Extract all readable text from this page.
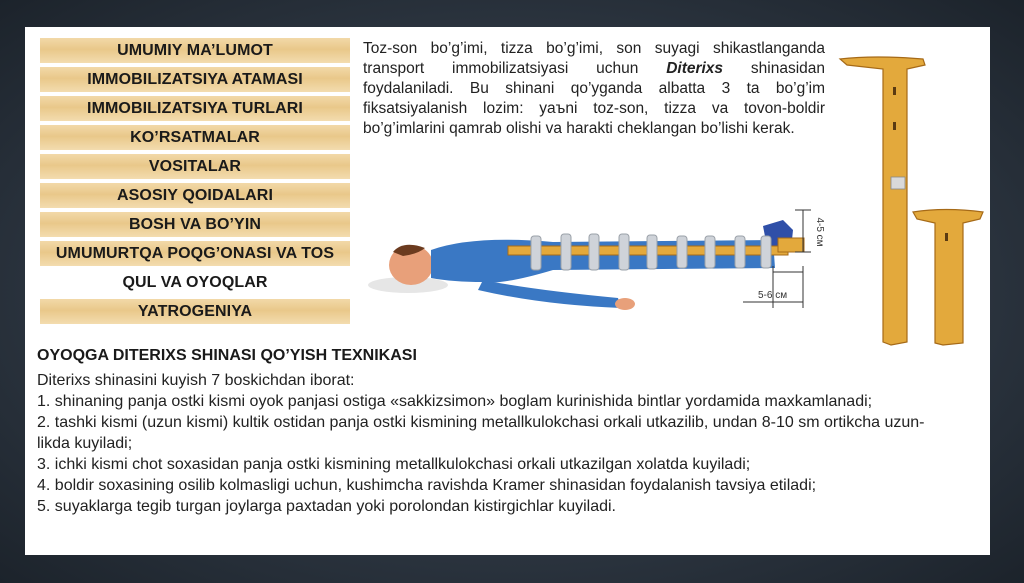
UMUMIY MA’LUMOT
IMMOBILIZATSIYA ATAMASI
IMMOBILIZATSIYA TURLARI
KO’RSATMALAR
VOSITALAR
ASOSIY QOIDALARI
BOSH VA BO’YIN
UMUMURTQA POQG’ONASI VA TOS
QUL VA OYOQLAR
YATROGENIYA

Toz-son bo’g’imi, tizza bo’g’imi, son suyagi shikastlanganda transport immobilizatsiyasi uchun Diterixs shinasidan foydalaniladi. Bu shinani qo’yganda albatta 3 ta bo’g’im fiksatsiyalanish lozim: yaъni toz-son, tizza va tovon-boldir bo’g’imlarini qamrab olishi va harakti cheklangan bo’lishi kerak.

4-5 см
5-6 см
OYOQGA DITERIXS SHINASI QO’YISH TEXNIKASI
Diterixs shinasini kuyish 7 boskichdan iborat:
1. shinaning panja ostki kismi oyok panjasi ostiga «sakkizsimon» boglam kurinishida bintlar yordamida maxkamlanadi;
2. tashki kismi (uzun kismi) kultik ostidan panja ostki kismining metallkulokchasi orkali utkazilib, undan 8-10 sm ortikcha uzun-
likda kuyiladi;
3. ichki kismi chot soxasidan panja ostki kismining metallkulokchasi orkali utkazilgan xolatda kuyiladi;
4. boldir soxasining osilib kolmasligi uchun, kushimcha ravishda Kramer shinasidan foydalanish tavsiya etiladi;
5. suyaklarga tegib turgan joylarga paxtadan yoki porolondan kistirgichlar kuyiladi.
